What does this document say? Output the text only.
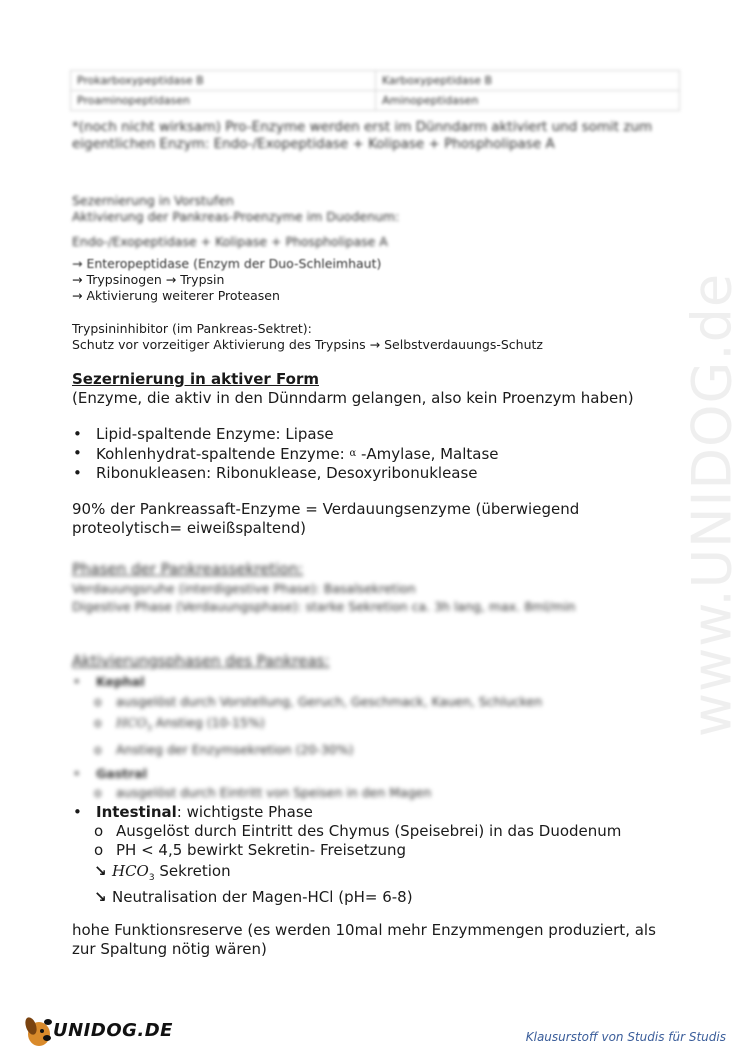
www.UNIDOG.de
Prokarboxypeptidase B	Karboxypeptidase B
Proaminopeptidasen	Aminopeptidasen
*(noch nicht wirksam) Pro-Enzyme werden erst im Dünndarm aktiviert und somit zum eigentlichen Enzym: Endo-/Exopeptidase + Kolipase + Phospholipase A
Sezernierung in Vorstufen
Aktivierung der Pankreas-Proenzyme im Duodenum:
Endo-/Exopeptidase + Kolipase + Phospholipase A
→ Enteropeptidase (Enzym der Duo-Schleimhaut)
→ Trypsinogen → Trypsin
→ Aktivierung weiterer Proteasen
Trypsininhibitor (im Pankreas-Sektret):
Schutz vor vorzeitiger Aktivierung des Trypsins → Selbstverdauungs-Schutz
Sezernierung in aktiver Form
(Enzyme, die aktiv in den Dünndarm gelangen, also kein Proenzym haben)
• Lipid-spaltende Enzyme: Lipase
• Kohlenhydrat-spaltende Enzyme: $^\alpha$ -Amylase, Maltase
• Ribonukleasen: Ribonuklease, Desoxyribonuklease
90% der Pankreassaft-Enzyme = Verdauungsenzyme (überwiegend proteolytisch= eiweißspaltend)
Phasen der Pankreassekretion:
Verdauungsruhe (interdigestive Phase): Basalsekretion
Digestive Phase (Verdauungsphase): starke Sekretion ca. 3h lang, max. 8ml/min
Aktivierungsphasen des Pankreas:
• Kephal
o ausgelöst durch Vorstellung, Geruch, Geschmack, Kauen, Schlucken
o $HCO_3$ Anstieg (10-15%)
o Anstieg der Enzymsekretion (20-30%)
• Gastral
o ausgelöst durch Eintritt von Speisen in den Magen
• Intestinal: wichtigste Phase
o Ausgelöst durch Eintritt des Chymus (Speisebrei) in das Duodenum
o PH < 4,5 bewirkt Sekretin- Freisetzung
↘ $HCO_3$ Sekretion
↘ Neutralisation der Magen-HCl (pH= 6-8)
hohe Funktionsreserve (es werden 10mal mehr Enzymmengen produziert, als zur Spaltung nötig wären)
UNIDOG.DE	Klausurstoff von Studis für Studis
